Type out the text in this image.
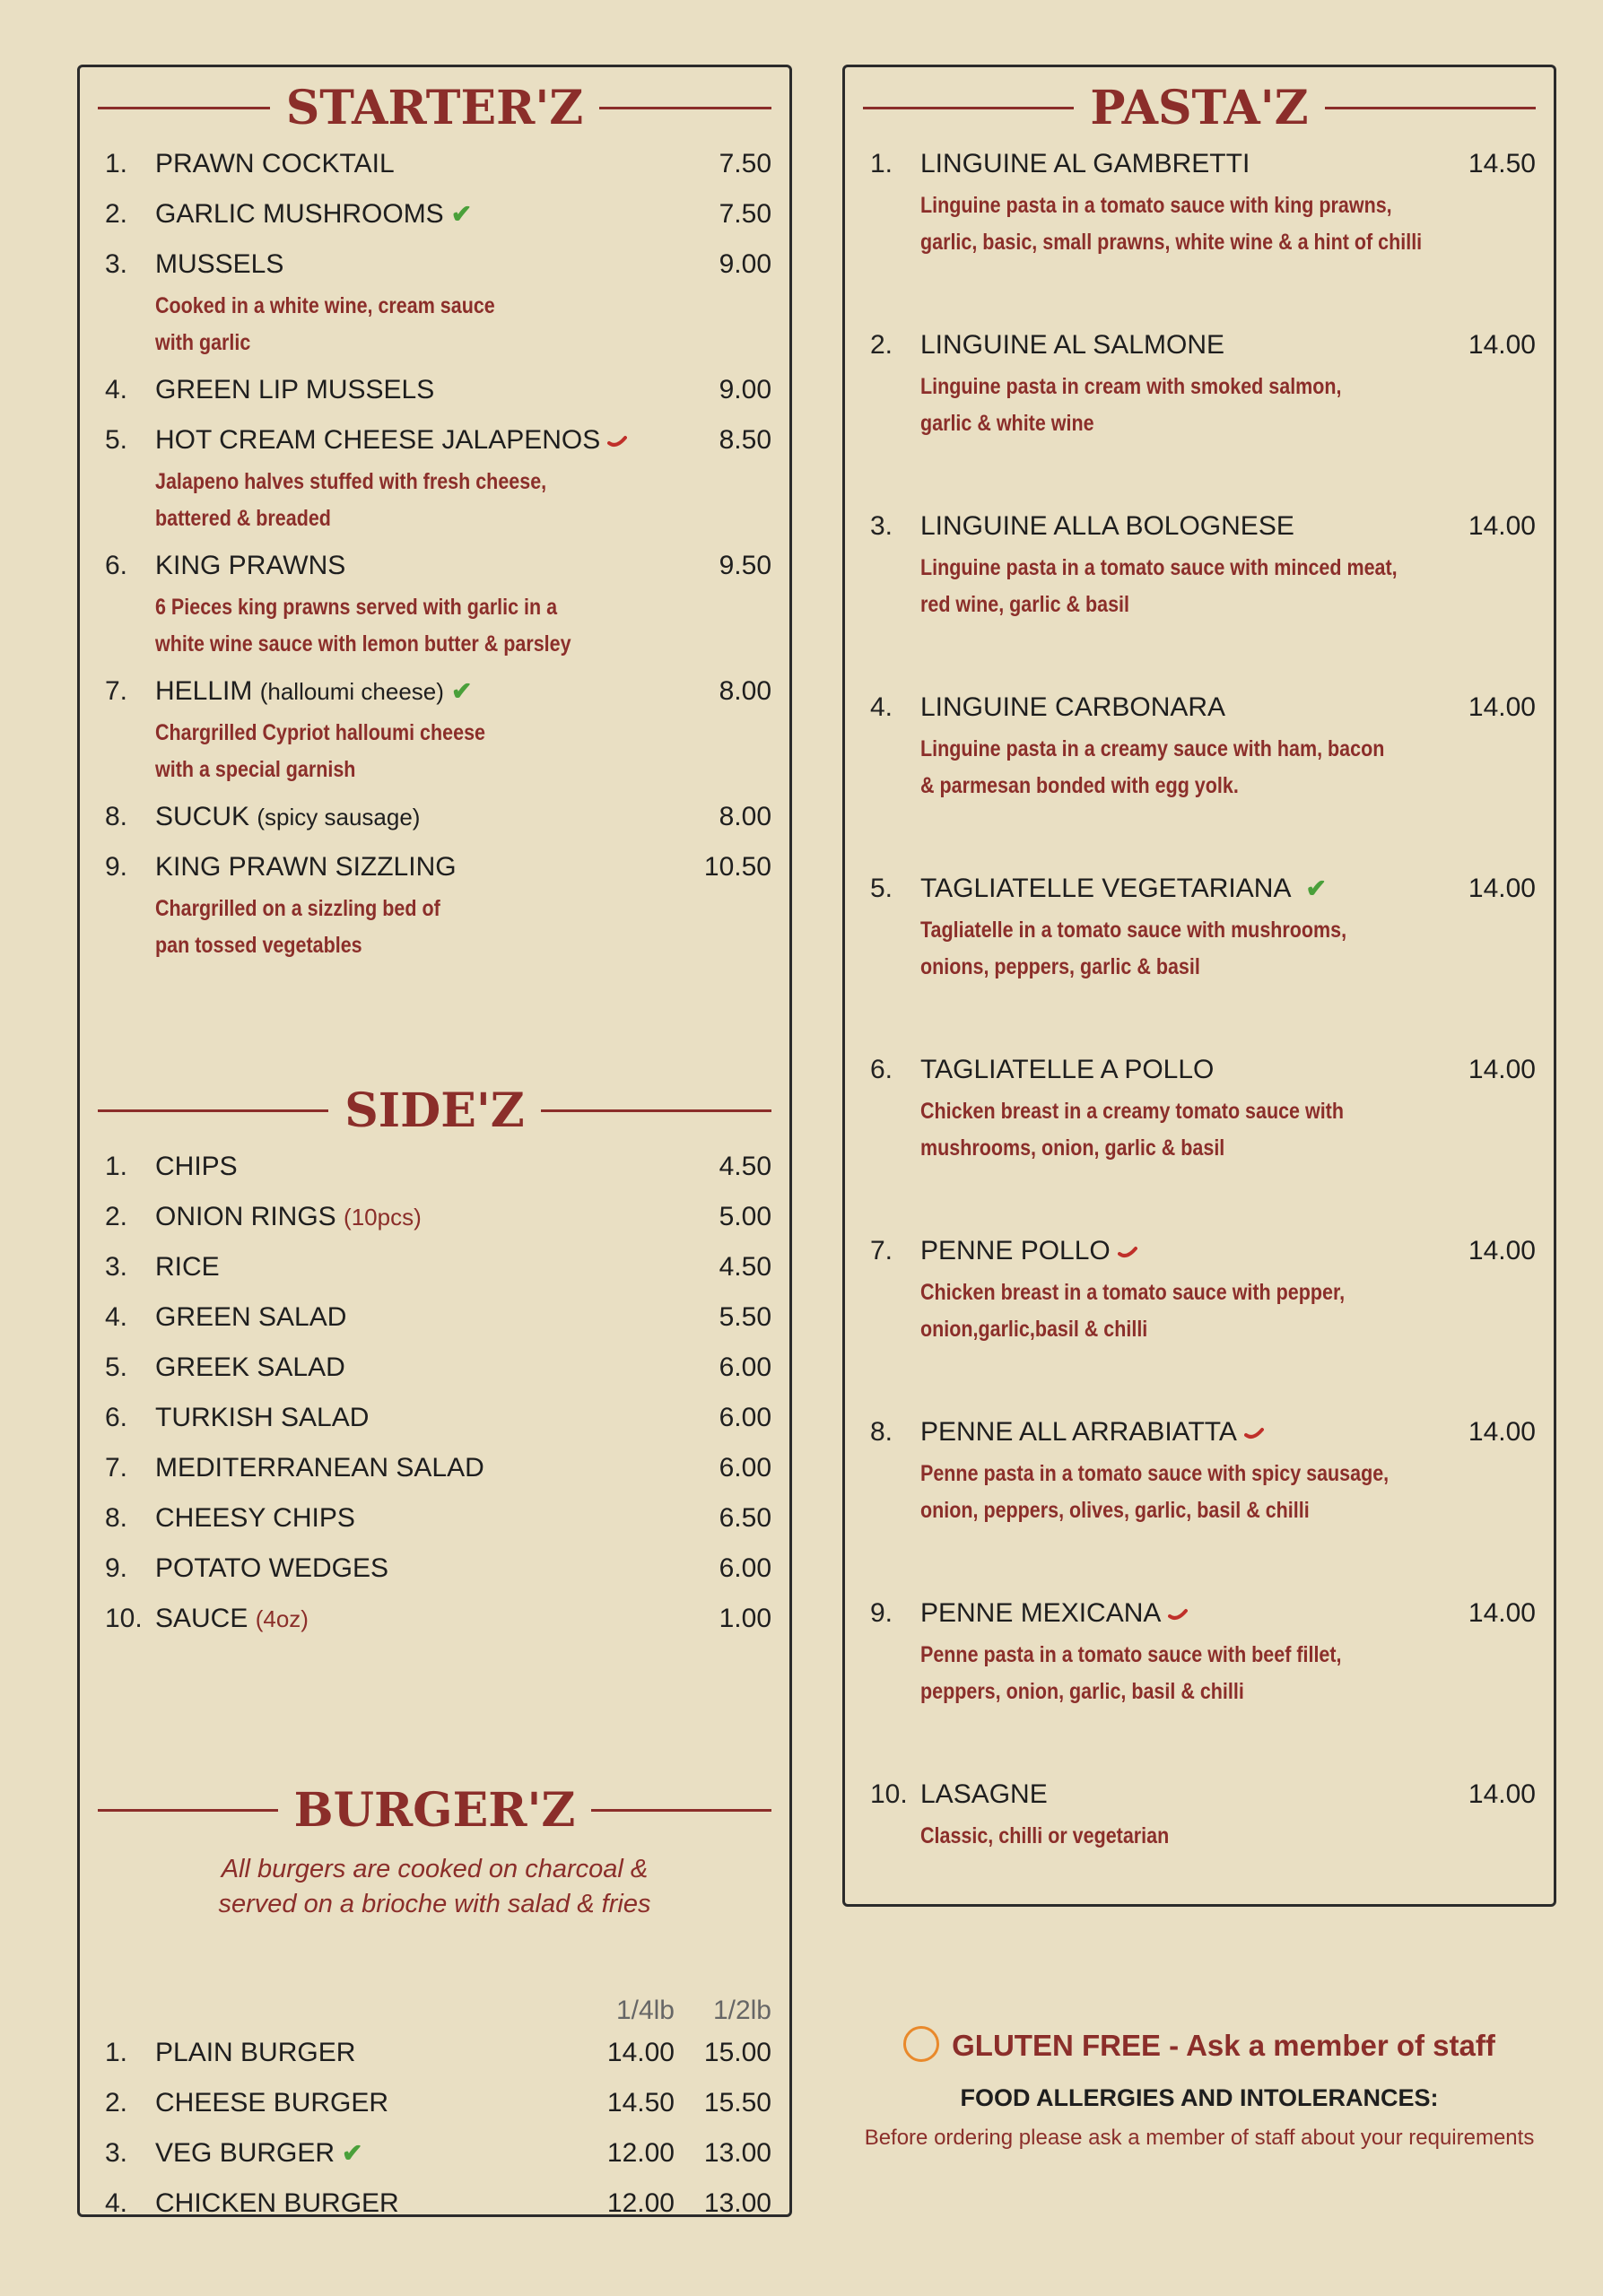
STARTER'Z
1. PRAWN COCKTAIL	7.50
2. GARLIC MUSHROOMS ✔	7.50
3. MUSSELS	9.00
Cooked in a white wine, cream sauce
with garlic
4. GREEN LIP MUSSELS	9.00
5. HOT CREAM CHEESE JALAPENOS	8.50
Jalapeno halves stuffed with fresh cheese,
battered & breaded
6. KING PRAWNS	9.50
6 Pieces king prawns served with garlic in a
white wine sauce with lemon butter & parsley
7. HELLIM (halloumi cheese) ✔	8.00
Chargrilled Cypriot halloumi cheese
with a special garnish
8. SUCUK (spicy sausage)	8.00
9. KING PRAWN SIZZLING	10.50
Chargrilled on a sizzling bed of
pan tossed vegetables
SIDE'Z
1. CHIPS	4.50
2. ONION RINGS (10pcs)	5.00
3. RICE	4.50
4. GREEN SALAD	5.50
5. GREEK SALAD	6.00
6. TURKISH SALAD	6.00
7. MEDITERRANEAN SALAD	6.00
8. CHEESY CHIPS	6.50
9. POTATO WEDGES	6.00
10. SAUCE (4oz)	1.00
BURGER'Z
All burgers are cooked on charcoal &
served on a brioche with salad & fries
1/4lb 1/2lb
1. PLAIN BURGER	14.00 15.00
2. CHEESE BURGER	14.50 15.50
3. VEG BURGER ✔	12.00 13.00
4. CHICKEN BURGER	12.00 13.00
PASTA'Z
1. LINGUINE AL GAMBRETTI	14.50
Linguine pasta in a tomato sauce with king prawns,
garlic, basic, small prawns, white wine & a hint of chilli
2. LINGUINE AL SALMONE	14.00
Linguine pasta in cream with smoked salmon,
garlic & white wine
3. LINGUINE ALLA BOLOGNESE	14.00
Linguine pasta in a tomato sauce with minced meat,
red wine, garlic & basil
4. LINGUINE CARBONARA	14.00
Linguine pasta in a creamy sauce with ham, bacon
& parmesan bonded with egg yolk.
5. TAGLIATELLE VEGETARIANA ✔	14.00
Tagliatelle in a tomato sauce with mushrooms,
onions, peppers, garlic & basil
6. TAGLIATELLE A POLLO	14.00
Chicken breast in a creamy tomato sauce with
mushrooms, onion, garlic & basil
7. PENNE POLLO	14.00
Chicken breast in a tomato sauce with pepper,
onion,garlic,basil & chilli
8. PENNE ALL ARRABIATTA	14.00
Penne pasta in a tomato sauce with spicy sausage,
onion, peppers, olives, garlic, basil & chilli
9. PENNE MEXICANA	14.00
Penne pasta in a tomato sauce with beef fillet,
peppers, onion, garlic, basil & chilli
10. LASAGNE	14.00
Classic, chilli or vegetarian
GLUTEN FREE - Ask a member of staff
FOOD ALLERGIES AND INTOLERANCES:
Before ordering please ask a member of staff about your requirements
